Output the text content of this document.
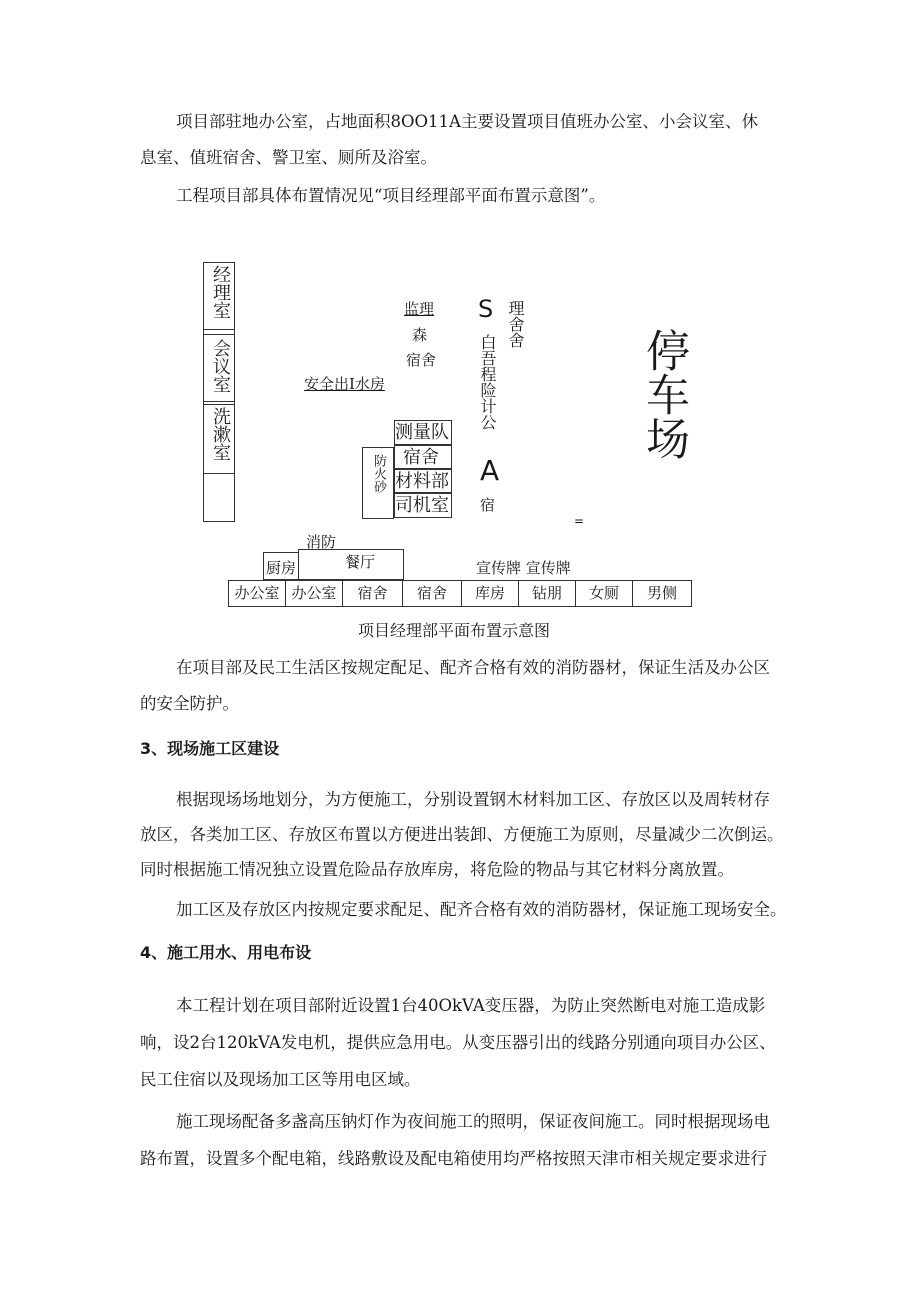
项目部驻地办公室，占地面积8OO11A主要设置项目值班办公室、小会议室、休
息室、值班宿舍、警卫室、厕所及浴室。
工程项目部具体布置情况见“项目经理部平面布置示意图”。
经理室
会议室
洗漱室
监理
森
宿舍
安全出I水房
S 理舍舍
白吾程险计公
A
宿
防火砂
测量队
宿舍
材料部
司机室
停车场
=
消防
厨房	餐厅	宣传牌 宣传牌
办公室 办公室	宿舍	宿舍	库房	钻朋	女厕	男侧
项目经理部平面布置示意图
在项目部及民工生活区按规定配足、配齐合格有效的消防器材，保证生活及办公区
的安全防护。
3、现场施工区建设
根据现场场地划分，为方便施工，分别设置钢木材料加工区、存放区以及周转材存
放区，各类加工区、存放区布置以方便进出装卸、方便施工为原则，尽量减少二次倒运。
同时根据施工情况独立设置危险品存放库房，将危险的物品与其它材料分离放置。
加工区及存放区内按规定要求配足、配齐合格有效的消防器材，保证施工现场安全。
4、施工用水、用电布设
本工程计划在项目部附近设置1台40OkVA变压器，为防止突然断电对施工造成影
响，设2台120kVA发电机，提供应急用电。从变压器引出的线路分别通向项目办公区、
民工住宿以及现场加工区等用电区域。
施工现场配备多盏高压钠灯作为夜间施工的照明，保证夜间施工。同时根据现场电
路布置，设置多个配电箱，线路敷设及配电箱使用均严格按照天津市相关规定要求进行
